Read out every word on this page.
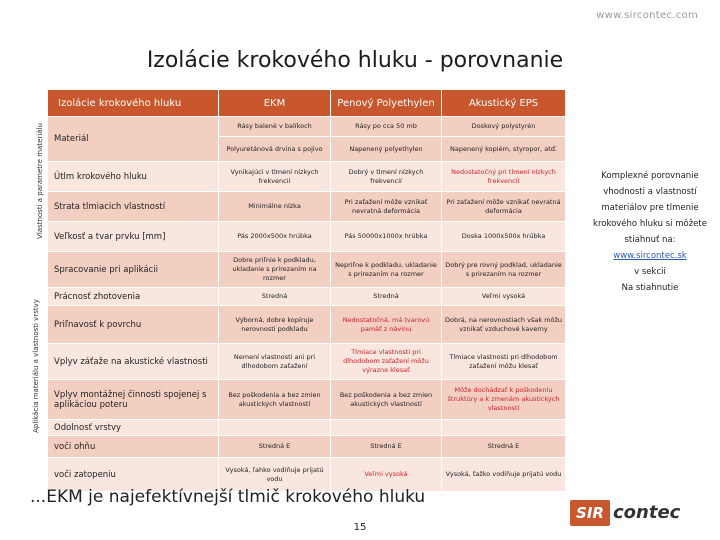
www.sircontec.com
Izolácie krokového hluku - porovnanie
Vlastnosti a parametre materiálu
Aplikácia materiálu a vlastnosti vrstvy
Izolácie krokového hluku	EKM	Penový Polyethylen	Akustický EPS
Materiál	Rásy balené v balíkoch	Rásy po cca 50 mb	Doskový polystyrén
	Polyuretánová drvina s pojivo	Napenený polyethylen	Napenený kopiém, styropor, atď.
Útlm krokového hluku	Vynikajúci v tlmení nízkych frekvencií	Dobrý v tlmení nízkych frekvencií	Nedostatočný pri tlmení nízkych frekvencií
Strata tlmiacich vlastností	Minimálne nízka	Pri zaťažení môže vznikať nevratná deformácia	Pri zaťažení môže vznikať nevratná deformácia
Veľkosť a tvar prvku [mm]	Pás 2000x500x hrúbka	Pás 50000x1000x hrúbka	Doska 1000x500x hrúbka
Spracovanie pri aplikácii	Dobre priľnie k podkladu, ukladanie s prirezaním na rozmer	Nepriľne k podkladu, ukladanie s prirezaním na rozmer	Dobrý pre rovný podklad, ukladanie s prirezaním na rozmer
Prácnosť zhotovenia	Stredná	Stredná	Veľmi vysoká
Priľnavosť k povrchu	Výborná, dobre kopíruje nerovnosti podkladu	Nedostatočná, má tvarovú pamäť z návinu	Dobrá, na nerovnostiach však môžu vznikať vzduchové kaverny
Vplyv záťaže na akustické vlastnosti	Nemení vlastnosti ani pri dlhodobom zaťažení	Tlmiace vlastnosti pri dlhodobom zaťažení môžu výrazne klesať	Tlmiace vlastnosti pri dlhodobom zaťažení môžu klesať
Vplyv montážnej činnosti spojenej s aplikáciou poteru	Bez poškodenia a bez zmien akustických vlastností	Bez poškodenia a bez zmien akustických vlastností	Môže dochádzať k poškodeniu štruktúry a k zmenám akustických vlastností
Odolnosť vrstvy			
voči ohňu	Stredná E	Stredná E	Stredná E
voči zatopeniu	Vysoká, ľahko vodíňuje prijatú vodu	Veľmi vysoká	Vysoká, ťažko vodíňuje prijatú vodu
Komplexné porovnanie vhodnosti a vlastností materiálov pre tlmenie krokového hluku si môžete stiahnuť na:
www.sircontec.sk
v sekcii
Na stiahnutie
...EKM je najefektívnejší tlmič krokového hluku
15
SIR contec
